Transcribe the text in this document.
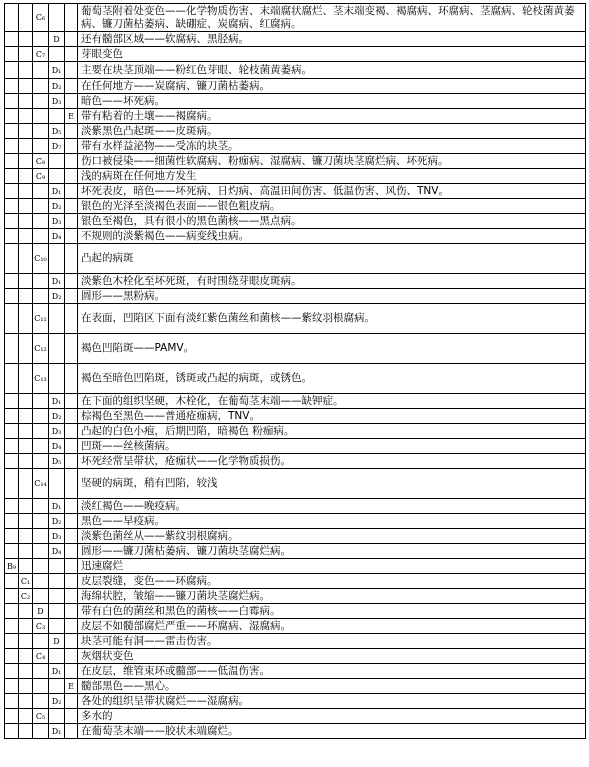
		C₆			葡萄茎附着处变色——化学物质伤害、末端腐状腐烂、茎末端变褐、褐腐病、环腐病、茎腐病、轮枝菌黄萎病、镰刀菌枯萎病、缺硼症、炭腐病、红腐病。
			D		还有髓部区域——软腐病、黑胫病。
		C₇			芽眼变色
			D₁		主要在块茎顶端——粉红色芽眼、轮枝菌黄萎病。
			D₂		在任何地方——炭腐病、镰刀菌枯萎病。
			D₃		暗色——坏死病。
				E	带有粘着的土壤——褐腐病。
			D₅		淡紫黑色凸起斑——皮斑病。
			D₇		带有水样益泌物——受冻的块茎。
		C₈			伤口被侵染——细菌性软腐病、粉痂病、湿腐病、镰刀菌块茎腐烂病、坏死病。
		C₉			浅的病斑在任何地方发生
			D₁		坏死表皮，暗色——坏死病、日灼病、高温田间伤害、低温伤害、风伤、TNV。
			D₂		银色的光泽至淡褐色表面——银色粗皮病。
			D₃		银色至褐色，具有很小的黑色菌核——黑点病。
			D₄		不规则的淡紫褐色——病变线虫病。
		C₁₀			凸起的病斑
			D₁		淡紫色木栓化至坏死斑，有时围绕芽眼皮斑病。
			D₂		圆形——黑粉病。
		C₁₁			在表面，凹陷区下面有淡红紫色菌丝和菌核——紫纹羽根腐病。
		C₁₂			褐色凹陷斑——PAMV。
		C₁₃			褐色至暗色凹陷斑，锈斑或凸起的病斑，或锈色。
			D₁		在下面的组织坚硬，木栓化，在葡萄茎末端——缺钾症。
			D₂		棕褐色至黑色——普通疮痂病，TNV。
			D₃		凸起的白色小疱，后期凹陷，暗褐色 粉痂病。
			D₄		凹斑——丝核菌病。
			D₅		坏死经常呈带状，疮痂状——化学物质损伤。
		C₁₄			坚硬的病斑，稍有凹陷，较浅
			D₁		淡红褐色——晚疫病。
			D₂		黑色——早疫病。
			D₃		淡紫色菌丝从——紫纹羽根腐病。
			D₄		圆形——镰刀菌枯萎病、镰刀菌块茎腐烂病。
B₉					迅速腐烂
	C₁				皮层裂缝，变色——环腐病。
	C₂				海绵状腔，皱缩——镰刀菌块茎腐烂病。
		D			带有白色的菌丝和黑色的菌核——白霉病。
		C₃			皮层不如髓部腐烂严重——环腐病、湿腐病。
			D		块茎可能有洞——雷击伤害。
		C₄			灰烟状变色
			D₁		在皮层，维管束环或髓部——低温伤害。
				E	髓部黑色——黑心。
			D₂		各处的组织呈带状腐烂——湿腐病。
		C₅			多水的
			D₁		在葡萄茎末端——胶状末端腐烂。
